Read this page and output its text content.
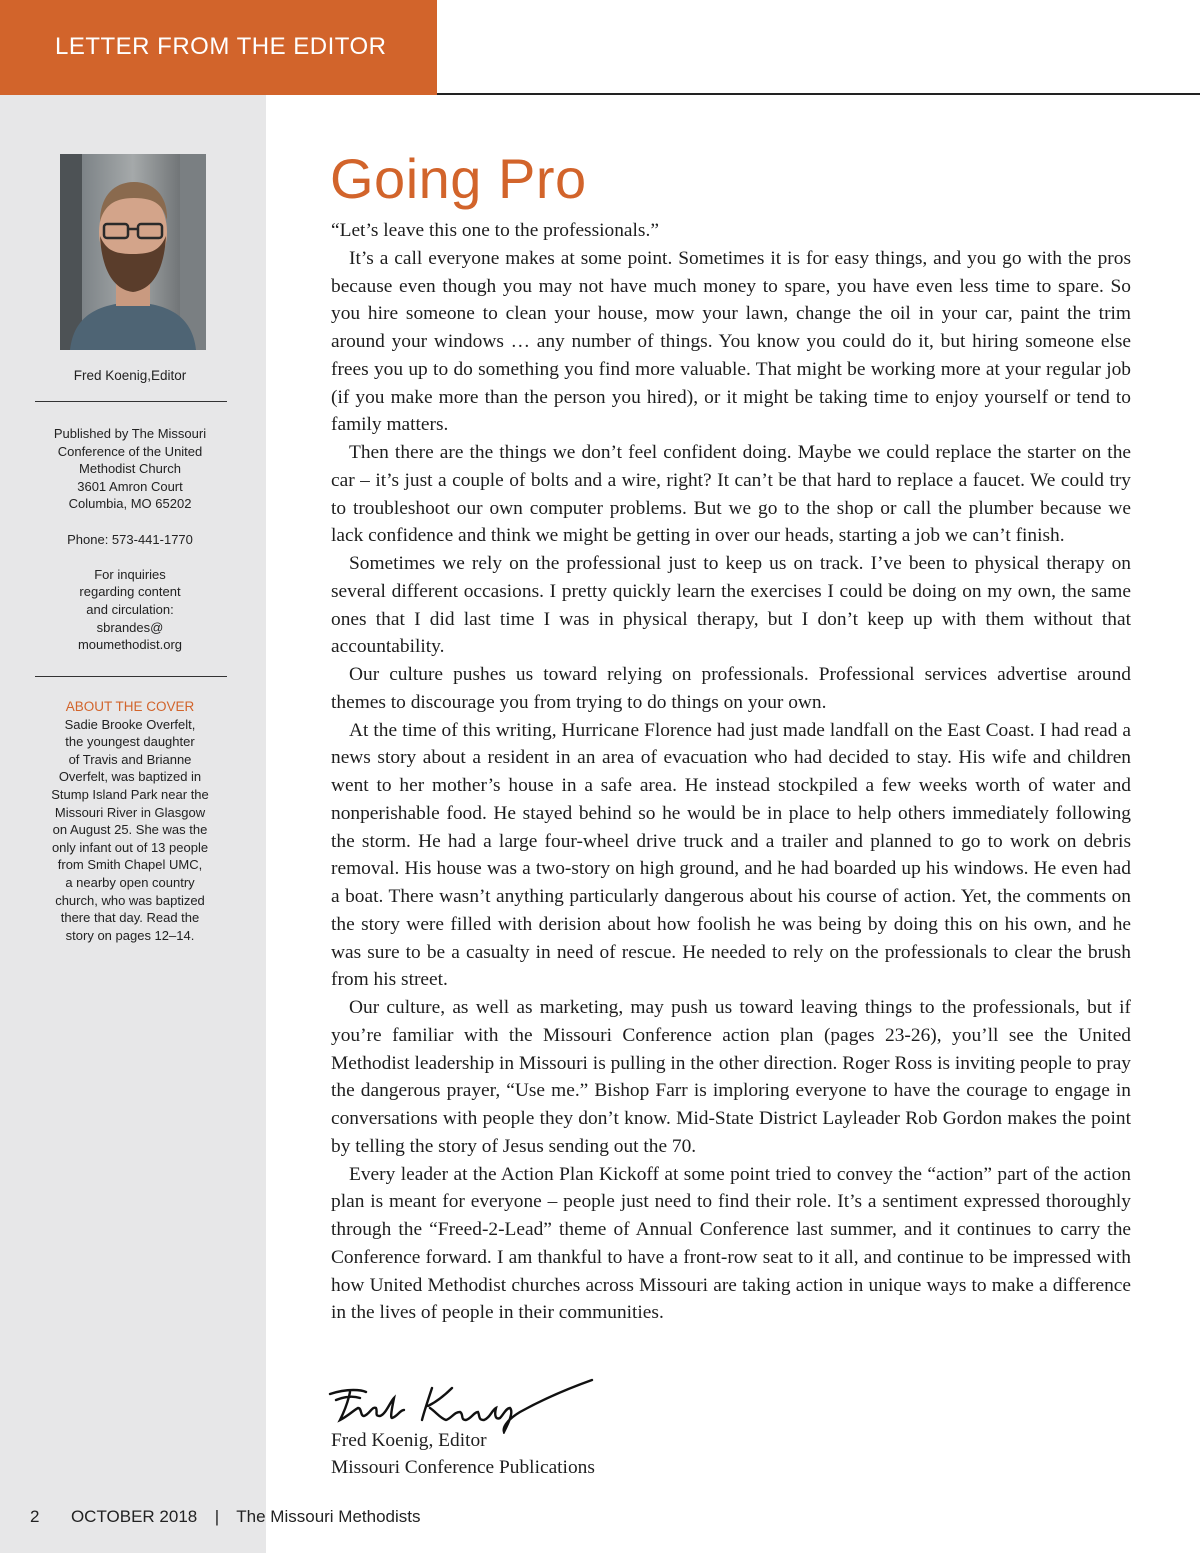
LETTER FROM THE EDITOR
Fred Koenig,Editor

Published by The Missouri

Conference of the United

Methodist Church

3601 Amron Court

Columbia, MO 65202

Phone: 573-441-1770

For inquiries

regarding content

and circulation:

sbrandes@

moumethodist.org

ABOUT THE COVER

Sadie Brooke Overfelt,

the youngest daughter

of Travis and Brianne

Overfelt, was baptized in

Stump Island Park near the

Missouri River in Glasgow

on August 25. She was the

only infant out of 13 people

from Smith Chapel UMC,

a nearby open country

church, who was baptized

there that day. Read the

story on pages 12–14.

Going Pro

“Let’s leave this one to the professionals.”

It’s a call everyone makes at some point. Sometimes it is for easy things, and you go with the pros because even though you may not have much money to spare, you have even less time to spare. So you hire someone to clean your house, mow your lawn, change the oil in your car, paint the trim around your windows … any number of things. You know you could do it, but hiring someone else frees you up to do something you find more valuable. That might be working more at your regular job (if you make more than the person you hired), or it might be taking time to enjoy yourself or tend to family matters.

Then there are the things we don’t feel confident doing. Maybe we could replace the starter on the car – it’s just a couple of bolts and a wire, right? It can’t be that hard to replace a faucet. We could try to troubleshoot our own computer problems. But we go to the shop or call the plumber because we lack confidence and think we might be getting in over our heads, starting a job we can’t finish.

Sometimes we rely on the professional just to keep us on track. I’ve been to physical therapy on several different occasions. I pretty quickly learn the exercises I could be doing on my own, the same ones that I did last time I was in physical therapy, but I don’t keep up with them without that accountability.

Our culture pushes us toward relying on professionals. Professional services advertise around themes to discourage you from trying to do things on your own.

At the time of this writing, Hurricane Florence had just made landfall on the East Coast. I had read a news story about a resident in an area of evacuation who had decided to stay. His wife and children went to her mother’s house in a safe area. He instead stockpiled a few weeks worth of water and nonperishable food. He stayed behind so he would be in place to help others immediately following the storm. He had a large four-wheel drive truck and a trailer and planned to go to work on debris removal. His house was a two-story on high ground, and he had boarded up his windows. He even had a boat. There wasn’t anything particularly dangerous about his course of action. Yet, the comments on the story were filled with derision about how foolish he was being by doing this on his own, and he was sure to be a casualty in need of rescue. He needed to rely on the professionals to clear the brush from his street.

Our culture, as well as marketing, may push us toward leaving things to the professionals, but if you’re familiar with the Missouri Conference action plan (pages 23-26), you’ll see the United Methodist leadership in Missouri is pulling in the other direction. Roger Ross is inviting people to pray the dangerous prayer, “Use me.” Bishop Farr is imploring everyone to have the courage to engage in conversations with people they don’t know. Mid-State District Layleader Rob Gordon makes the point by telling the story of Jesus sending out the 70.

Every leader at the Action Plan Kickoff at some point tried to convey the “action” part of the action plan is meant for everyone – people just need to find their role. It’s a sentiment expressed thoroughly through the “Freed-2-Lead” theme of Annual Conference last summer, and it continues to carry the Conference forward. I am thankful to have a front-row seat to it all, and continue to be impressed with how United Methodist churches across Missouri are taking action in unique ways to make a difference in the lives of people in their communities.

Fred Koenig, Editor
Missouri Conference Publications
2 OCTOBER 2018 | The Missouri Methodists
